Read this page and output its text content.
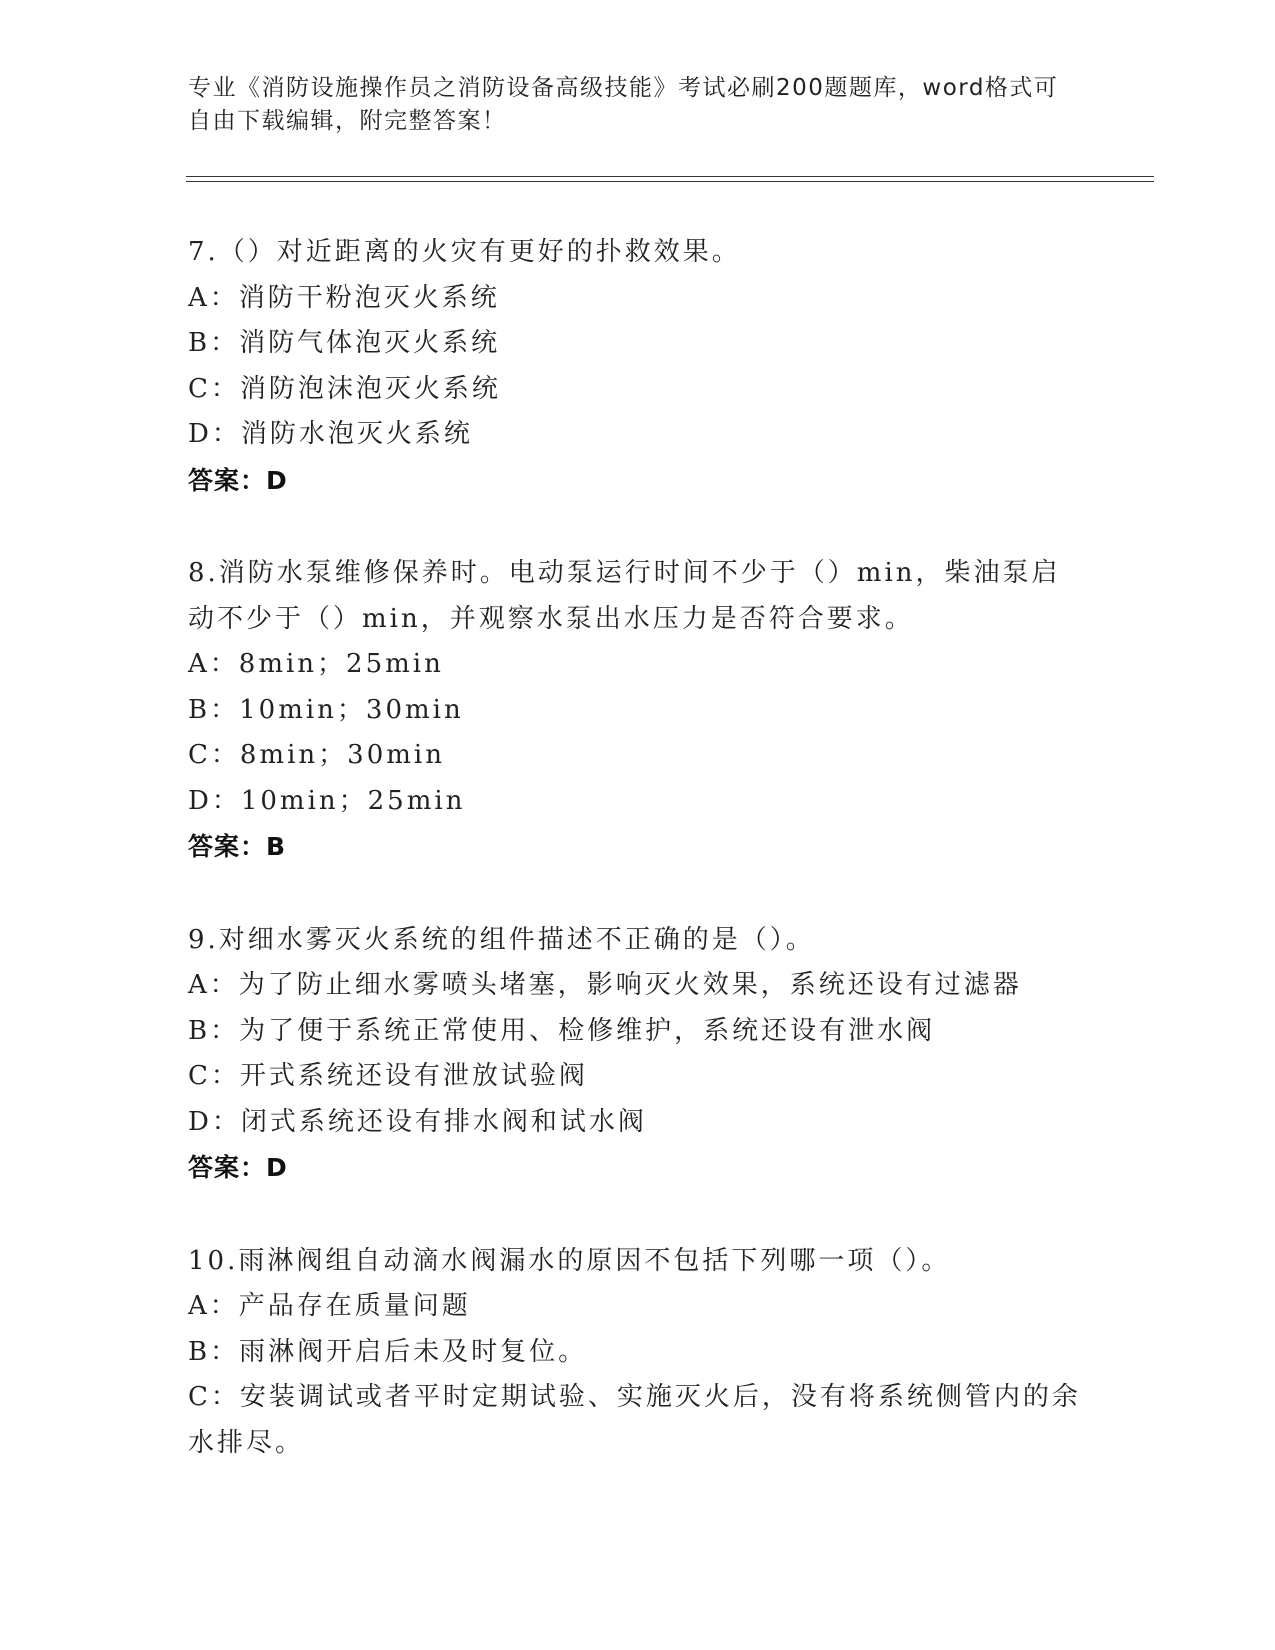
专业《消防设施操作员之消防设备高级技能》考试必刷200题题库，word格式可自由下载编辑，附完整答案！
7.（）对近距离的火灾有更好的扑救效果。
A：消防干粉泡灭火系统
B：消防气体泡灭火系统
C：消防泡沫泡灭火系统
D：消防水泡灭火系统
答案：D
8.消防水泵维修保养时。电动泵运行时间不少于（）min，柴油泵启动不少于（）min，并观察水泵出水压力是否符合要求。
A：8min；25min
B：10min；30min
C：8min；30min
D：10min；25min
答案：B
9.对细水雾灭火系统的组件描述不正确的是（）。
A：为了防止细水雾喷头堵塞，影响灭火效果，系统还设有过滤器
B：为了便于系统正常使用、检修维护，系统还设有泄水阀
C：开式系统还设有泄放试验阀
D：闭式系统还设有排水阀和试水阀
答案：D
10.雨淋阀组自动滴水阀漏水的原因不包括下列哪一项（）。
A：产品存在质量问题
B：雨淋阀开启后未及时复位。
C：安装调试或者平时定期试验、实施灭火后，没有将系统侧管内的余水排尽。
